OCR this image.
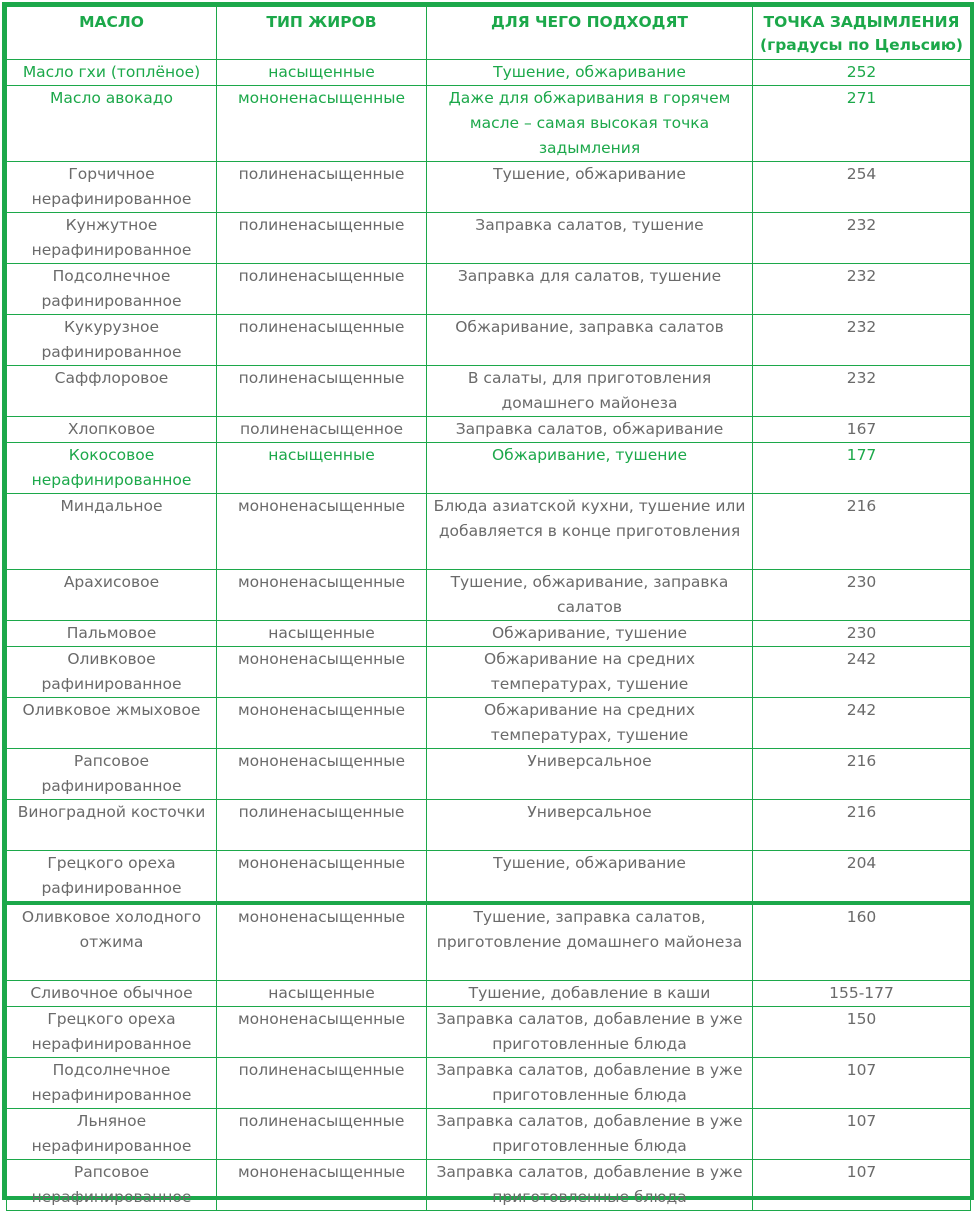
МАСЛО	ТИП ЖИРОВ	ДЛЯ ЧЕГО ПОДХОДЯТ	ТОЧКА ЗАДЫМЛЕНИЯ (градусы по Цельсию)
Масло гхи (топлёное)	насыщенные	Тушение, обжаривание	252
Масло авокадо	мононенасыщенные	Даже для обжаривания в горячем масле – самая высокая точка задымления	271
Горчичное нерафинированное	полиненасыщенные	Тушение, обжаривание	254
Кунжутное нерафинированное	полиненасыщенные	Заправка салатов, тушение	232
Подсолнечное рафинированное	полиненасыщенные	Заправка для салатов, тушение	232
Кукурузное рафинированное	полиненасыщенные	Обжаривание, заправка салатов	232
Саффлоровое	полиненасыщенные	В салаты, для приготовления домашнего майонеза	232
Хлопковое	полиненасыщенное	Заправка салатов, обжаривание	167
Кокосовое нерафинированное	насыщенные	Обжаривание, тушение	177
Миндальное	мононенасыщенные	Блюда азиатской кухни, тушение или добавляется в конце приготовления	216
Арахисовое	мононенасыщенные	Тушение, обжаривание, заправка салатов	230
Пальмовое	насыщенные	Обжаривание, тушение	230
Оливковое рафинированное	мононенасыщенные	Обжаривание на средних температурах, тушение	242
Оливковое жмыховое	мононенасыщенные	Обжаривание на средних температурах, тушение	242
Рапсовое рафинированное	мононенасыщенные	Универсальное	216
Виноградной косточки	полиненасыщенные	Универсальное	216
Грецкого ореха рафинированное	мононенасыщенные	Тушение, обжаривание	204
Оливковое холодного отжима	мононенасыщенные	Тушение, заправка салатов, приготовление домашнего майонеза	160
Сливочное обычное	насыщенные	Тушение, добавление в каши	155-177
Грецкого ореха нерафинированное	мононенасыщенные	Заправка салатов, добавление в уже приготовленные блюда	150
Подсолнечное нерафинированное	полиненасыщенные	Заправка салатов, добавление в уже приготовленные блюда	107
Льняное нерафинированное	полиненасыщенные	Заправка салатов, добавление в уже приготовленные блюда	107
Рапсовое нерафинированное	мононенасыщенные	Заправка салатов, добавление в уже приготовленные блюда	107
